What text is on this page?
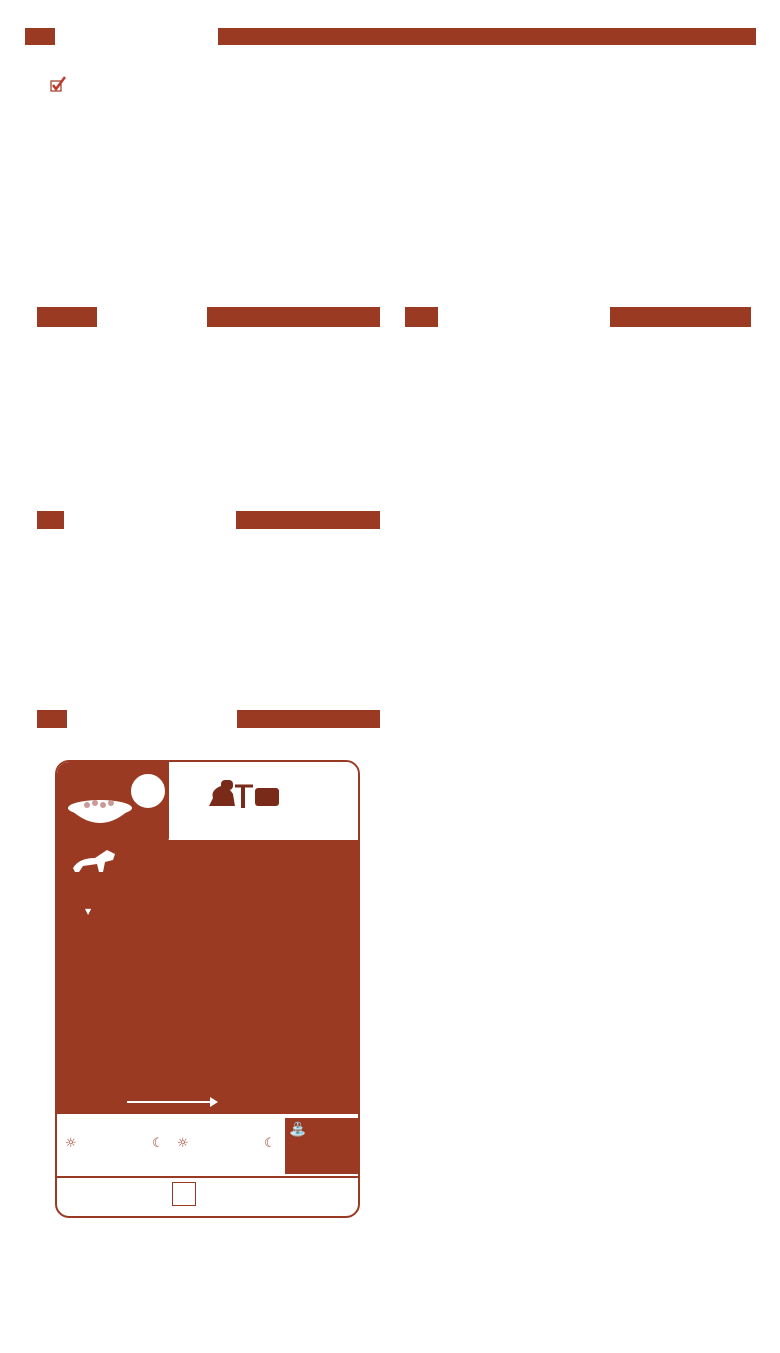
▼
☼	☾ ☼	☾
⛲
